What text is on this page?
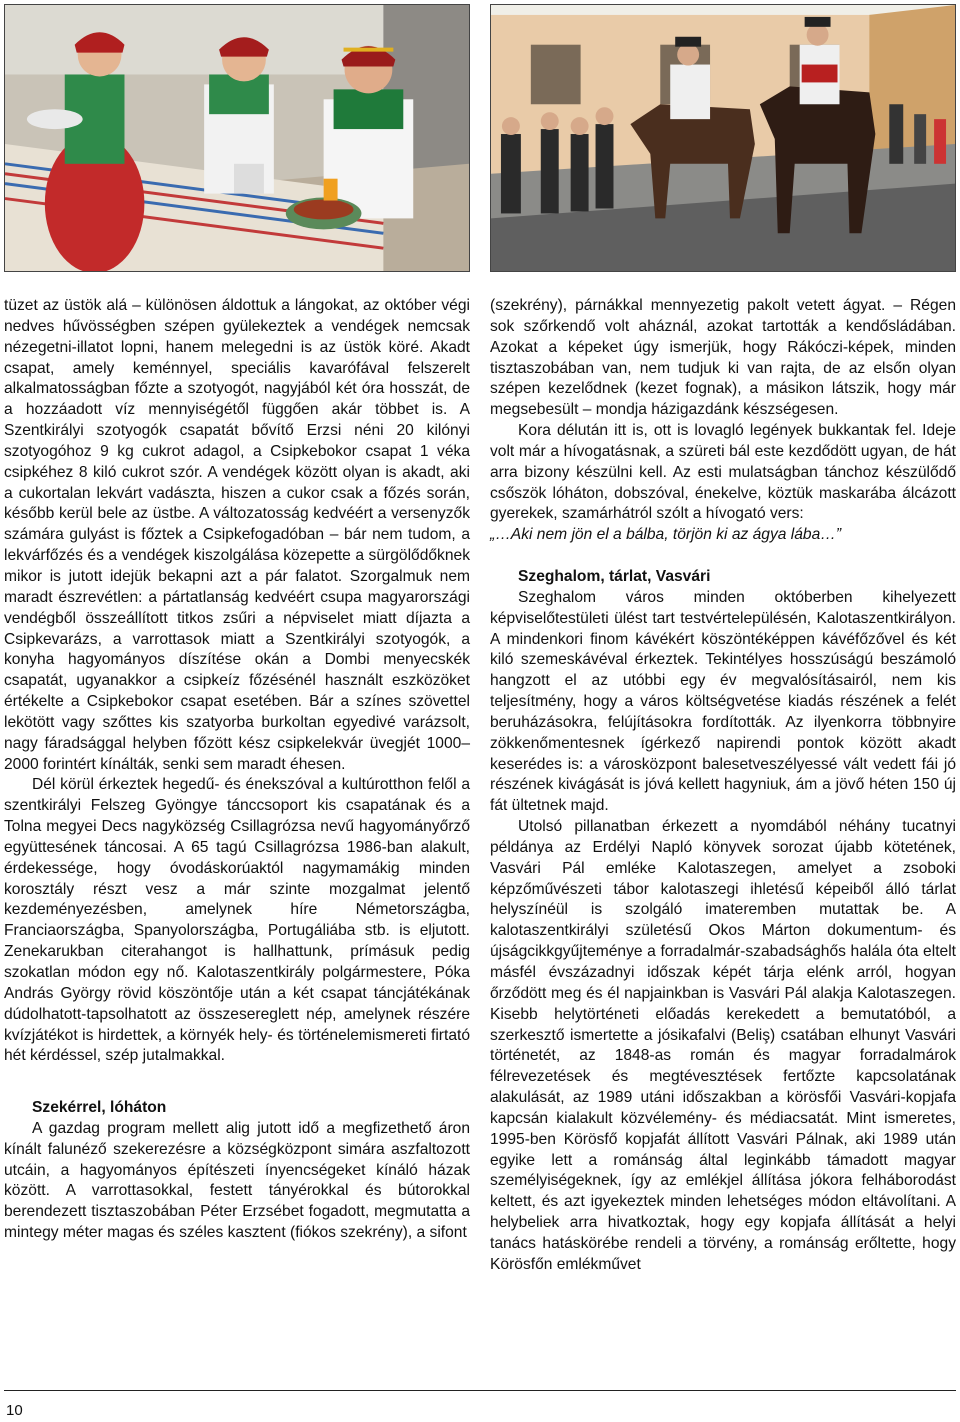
tüzet az üstök alá – különösen áldottuk a lángokat, az október végi nedves hűvösségben szépen gyülekeztek a vendégek nemcsak nézegetni-illatot lopni, hanem melegedni is az üstök köré. Akadt csapat, amely keménnyel, speciális kavarófával felszerelt alkalmatosságban főzte a szotyogót, nagyjából két óra hosszát, de a hozzáadott víz mennyiségétől függően akár többet is. A Szentkirályi szotyogók csapatát bővítő Erzsi néni 20 kilónyi szotyogóhoz 9 kg cukrot adagol, a Csipkebokor csapat 1 véka csipkéhez 8 kiló cukrot szór. A vendégek között olyan is akadt, aki a cukortalan lekvárt vadászta, hiszen a cukor csak a főzés során, később kerül bele az üstbe. A változatosság kedvéért a versenyzők számára gulyást is főztek a Csipkefogadóban – bár nem tudom, a lekvárfőzés és a vendégek kiszolgálása közepette a sürgölődőknek mikor is jutott idejük bekapni azt a pár falatot. Szorgalmuk nem maradt észrevétlen: a pártatlanság kedvéért csupa magyarországi vendégből összeállított titkos zsűri a népviselet miatt díjazta a Csipkevarázs, a varrottasok miatt a Szentkirályi szotyogók, a konyha hagyományos díszítése okán a Dombi menyecskék csapatát, ugyanakkor a csipkeíz főzésénél használt eszközöket értékelte a Csipkebokor csapat esetében. Bár a színes szövettel lekötött vagy szőttes kis szatyorba burkoltan egyedivé varázsolt, nagy fáradsággal helyben főzött kész csipkelekvár üvegjét 1000–2000 forintért kínálták, senki sem maradt éhesen.

Dél körül érkeztek hegedű- és énekszóval a kultúrotthon felől a szentkirályi Felszeg Gyöngye tánccsoport kis csapatának és a Tolna megyei Decs nagyközség Csillagrózsa nevű hagyományőrző együttesének táncosai. A 65 tagú Csillagrózsa 1986-ban alakult, érdekessége, hogy óvodáskorúaktól nagymamákig minden korosztály részt vesz a már szinte mozgalmat jelentő kezdeményezésben, amelynek híre Németországba, Franciaországba, Spanyolországba, Portugáliába stb. is eljutott. Zenekarukban citerahangot is hallhattunk, prímásuk pedig szokatlan módon egy nő. Kalotaszentkirály polgármestere, Póka András György rövid köszöntője után a két csapat táncjátékának dúdolhatott-tapsolhatott az összesereglett nép, amelynek részére kvízjátékot is hirdettek, a környék hely- és történelemismereti firtató hét kérdéssel, szép jutalmakkal.

Szekérrel, lóháton

A gazdag program mellett alig jutott idő a megfizethető áron kínált falunéző szekerezésre a községközpont simára aszfaltozott utcáin, a hagyományos építészeti ínyencségeket kínáló házak között. A varrottasokkal, festett tányérokkal és bútorokkal berendezett tisztaszobában Péter Erzsébet fogadott, megmutatta a mintegy méter magas és széles kasztent (fiókos szekrény), a sifont

(szekrény), párnákkal mennyezetig pakolt vetett ágyat. – Régen sok szőrkendő volt aháznál, azokat tartották a kendősládában. Azokat a képeket úgy ismerjük, hogy Rákóczi-képek, minden tisztaszobában van, nem tudjuk ki van rajta, de az elsőn olyan szépen kezelődnek (kezet fognak), a másikon látszik, hogy már megsebesült – mondja házigazdánk készségesen.

Kora délután itt is, ott is lovagló legények bukkantak fel. Ideje volt már a hívogatásnak, a szüreti bál este kezdődött ugyan, de hát arra bizony készülni kell. Az esti mulatságban tánchoz készülődő csőszök lóháton, dobszóval, énekelve, köztük maskarába álcázott gyerekek, szamárhátról szólt a hívogató vers:

„…Aki nem jön el a bálba, törjön ki az ágya lába…”

Szeghalom, tárlat, Vasvári

Szeghalom város minden októberben kihelyezett képviselőtestületi ülést tart testvértelepülésén, Kalotaszentkirályon. A mindenkori finom kávékért köszöntéképpen kávéfőzővel és két kiló szemeskávéval érkeztek. Tekintélyes hosszúságú beszámoló hangzott el az utóbbi egy év megvalósításairól, nem kis teljesítmény, hogy a város költségvetése kiadás részének a felét beruházásokra, felújításokra fordították. Az ilyenkorra többnyire zökkenőmentesnek ígérkező napirendi pontok között akadt keserédes is: a városközpont balesetveszélyessé vált vedett fái jó részének kivágását is jóvá kellett hagyniuk, ám a jövő héten 150 új fát ültetnek majd.

Utolsó pillanatban érkezett a nyomdából néhány tucatnyi példánya az Erdélyi Napló könyvek sorozat újabb kötetének, Vasvári Pál emléke Kalotaszegen, amelyet a zsoboki képzőművészeti tábor kalotaszegi ihletésű képeiből álló tárlat helyszínéül is szolgáló imateremben mutattak be. A kalotaszentkirályi születésű Okos Márton dokumentum- és újságcikkgyűjteménye a forradalmár-szabadsághős halála óta eltelt másfél évszázadnyi időszak képét tárja elénk arról, hogyan őrződött meg és él napjainkban is Vasvári Pál alakja Kalotaszegen. Kisebb helytörténeti előadás kerekedett a bemutatóból, a szerkesztő ismertette a jósikafalvi (Beliş) csatában elhunyt Vasvári történetét, az 1848-as román és magyar forradalmárok félrevezetések és megtévesztések fertőzte kapcsolatának alakulását, az 1989 utáni időszakban a körösfői Vasvári-kopjafa kapcsán kialakult közvélemény- és médiacsatát. Mint ismeretes, 1995-ben Körösfő kopjafát állított Vasvári Pálnak, aki 1989 után egyike lett a románság által leginkább támadott magyar személyiségeknek, így az emlékjel állítása jókora felháborodást keltett, és azt igyekeztek minden lehetséges módon eltávolítani. A helybeliek arra hivatkoztak, hogy egy kopjafa állítását a helyi tanács hatáskörébe rendeli a törvény, a románság erőltette, hogy Körösfőn emlékművet

10
